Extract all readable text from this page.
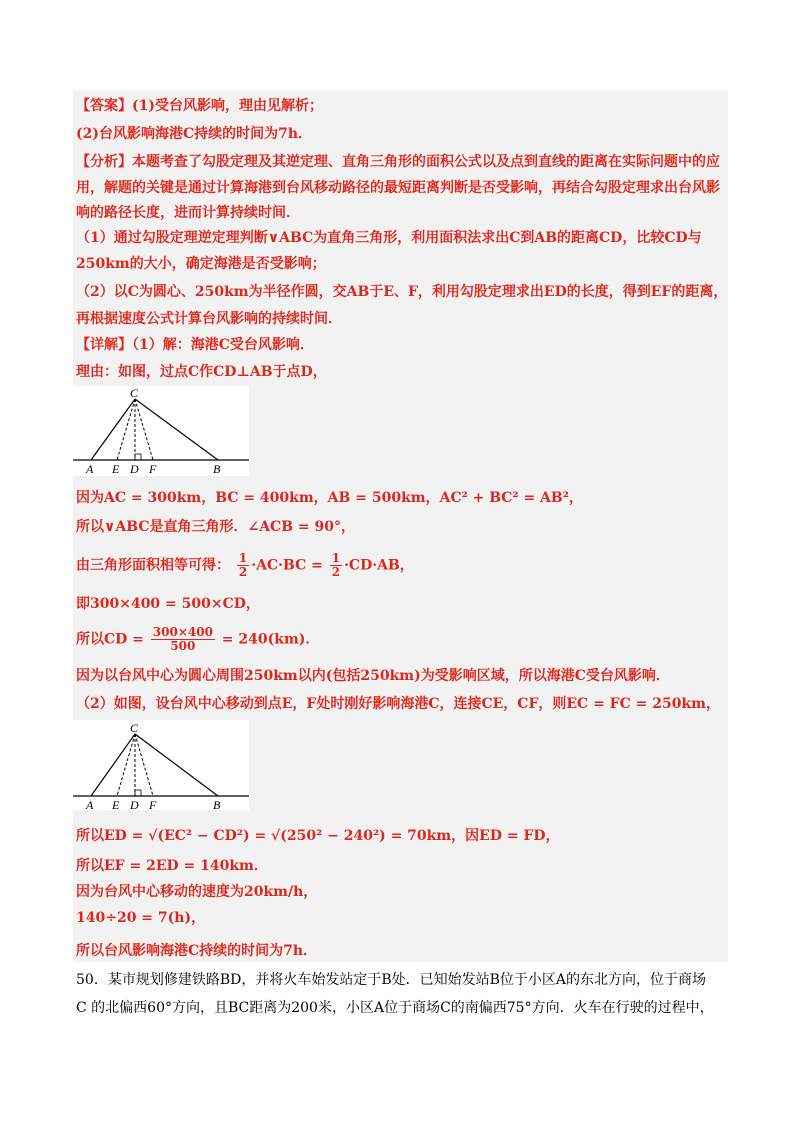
【答案】(1)受台风影响，理由见解析；
(2)台风影响海港C持续的时间为7h．
【分析】本题考查了勾股定理及其逆定理、直角三角形的面积公式以及点到直线的距离在实际问题中的应
用，解题的关键是通过计算海港到台风移动路径的最短距离判断是否受影响，再结合勾股定理求出台风影
响的路径长度，进而计算持续时间．
（1）通过勾股定理逆定理判断∨ABC为直角三角形，利用面积法求出C到AB的距离CD，比较CD与
250km的大小，确定海港是否受影响；
（2）以C为圆心、250km为半径作圆，交AB于E、F，利用勾股定理求出ED的长度，得到EF的距离，
再根据速度公式计算台风影响的持续时间．
【详解】（1）解：海港C受台风影响．
理由：如图，过点C作CD⊥AB于点D，
C
A E D F	B
因为AC = 300km，BC = 400km，AB = 500km，AC² + BC² = AB²，
所以∨ABC是直角三角形．∠ACB = 90°，
由三角形面积相等可得： $\frac{1}{2} \cdot AC\cdot BC = \frac{1}{2} \cdot CD\cdot AB$，
即300×400 = 500×CD，
所以CD = $\frac{300\times 400}{500} = 240(km)$．
因为以台风中心为圆心周围250km以内(包括250km)为受影响区域，所以海港C受台风影响．
（2）如图，设台风中心移动到点E，F处时刚好影响海港C，连接CE，CF，则EC = FC = 250km，
C
A E D F	B
所以ED = √(EC² − CD²) = √(250² − 240²) = 70km，因ED = FD，
所以EF = 2ED = 140km．
因为台风中心移动的速度为20km/h，
140÷20 = 7(h)，
所以台风影响海港C持续的时间为7h．
50．某市规划修建铁路BD，并将火车始发站定于B处．已知始发站B位于小区A的东北方向，位于商场
C 的北偏西60°方向，且BC距离为200米，小区A位于商场C的南偏西75°方向．火车在行驶的过程中，
